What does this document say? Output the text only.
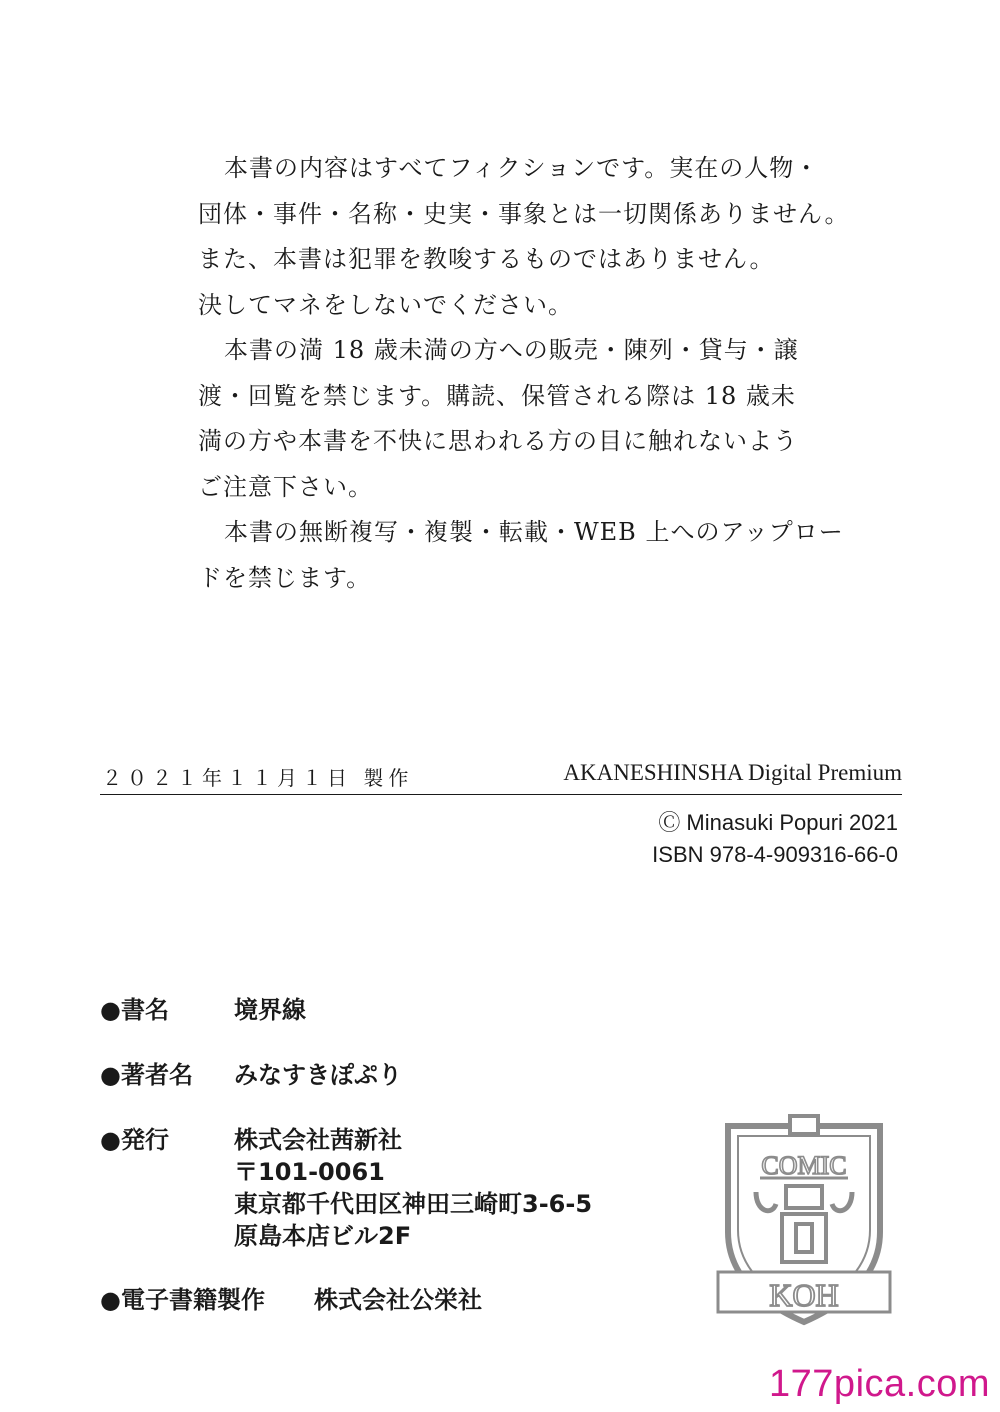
本書の内容はすべてフィクションです。実在の人物・
団体・事件・名称・史実・事象とは一切関係ありません。
また、本書は犯罪を教唆するものではありません。
決してマネをしないでください。
本書の満 18 歳未満の方への販売・陳列・貸与・譲
渡・回覧を禁じます。購読、保管される際は 18 歳未
満の方や本書を不快に思われる方の目に触れないよう
ご注意下さい。
本書の無断複写・複製・転載・WEB 上へのアップロー
ドを禁じます。
２０２１年１１月１日 製作	AKANESHINSHA Digital Premium
Ⓒ Minasuki Popuri 2021
ISBN 978-4-909316-66-0
●書名	境界線
●著者名 みなすきぽぷり
●発行	株式会社茜新社
〒101-0061
東京都千代田区神田三崎町3-6-5
原島本店ビル2F
●電子書籍製作 株式会社公栄社
COMIC
KOH
177pica.com
